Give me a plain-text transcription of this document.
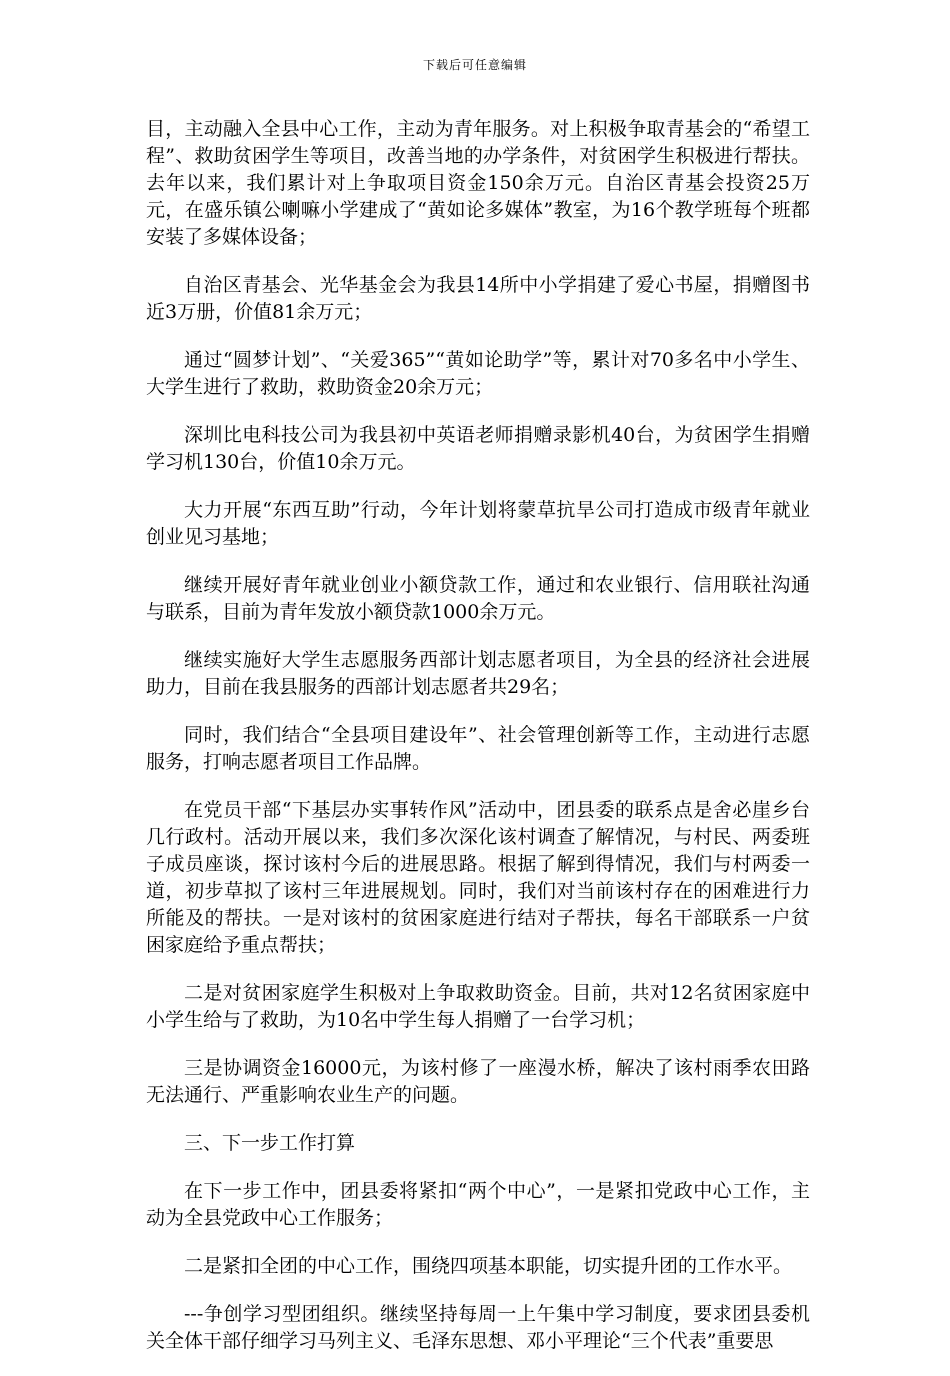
下载后可任意编辑

目，主动融入全县中心工作，主动为青年服务。对上积极争取青基会的“希望工程”、救助贫困学生等项目，改善当地的办学条件，对贫困学生积极进行帮扶。去年以来，我们累计对上争取项目资金150余万元。自治区青基会投资25万元，在盛乐镇公喇嘛小学建成了“黄如论多媒体”教室，为16个教学班每个班都安装了多媒体设备；

自治区青基会、光华基金会为我县14所中小学捐建了爱心书屋，捐赠图书近3万册，价值81余万元；

通过“圆梦计划”、“关爱365”“黄如论助学”等，累计对70多名中小学生、大学生进行了救助，救助资金20余万元；

深圳比电科技公司为我县初中英语老师捐赠录影机40台，为贫困学生捐赠学习机130台，价值10余万元。

大力开展“东西互助”行动，今年计划将蒙草抗旱公司打造成市级青年就业创业见习基地；

继续开展好青年就业创业小额贷款工作，通过和农业银行、信用联社沟通与联系，目前为青年发放小额贷款1000余万元。

继续实施好大学生志愿服务西部计划志愿者项目，为全县的经济社会进展助力，目前在我县服务的西部计划志愿者共29名；

同时，我们结合“全县项目建设年”、社会管理创新等工作，主动进行志愿服务，打响志愿者项目工作品牌。

在党员干部“下基层办实事转作风”活动中，团县委的联系点是舍必崖乡台几行政村。活动开展以来，我们多次深化该村调查了解情况，与村民、两委班子成员座谈，探讨该村今后的进展思路。根据了解到得情况，我们与村两委一道，初步草拟了该村三年进展规划。同时，我们对当前该村存在的困难进行力所能及的帮扶。一是对该村的贫困家庭进行结对子帮扶，每名干部联系一户贫困家庭给予重点帮扶；

二是对贫困家庭学生积极对上争取救助资金。目前，共对12名贫困家庭中小学生给与了救助，为10名中学生每人捐赠了一台学习机；

三是协调资金16000元，为该村修了一座漫水桥，解决了该村雨季农田路无法通行、严重影响农业生产的问题。

三、下一步工作打算

在下一步工作中，团县委将紧扣“两个中心”，一是紧扣党政中心工作，主动为全县党政中心工作服务；

二是紧扣全团的中心工作，围绕四项基本职能，切实提升团的工作水平。

---争创学习型团组织。继续坚持每周一上午集中学习制度，要求团县委机关全体干部仔细学习马列主义、毛泽东思想、邓小平理论“三个代表”重要思
